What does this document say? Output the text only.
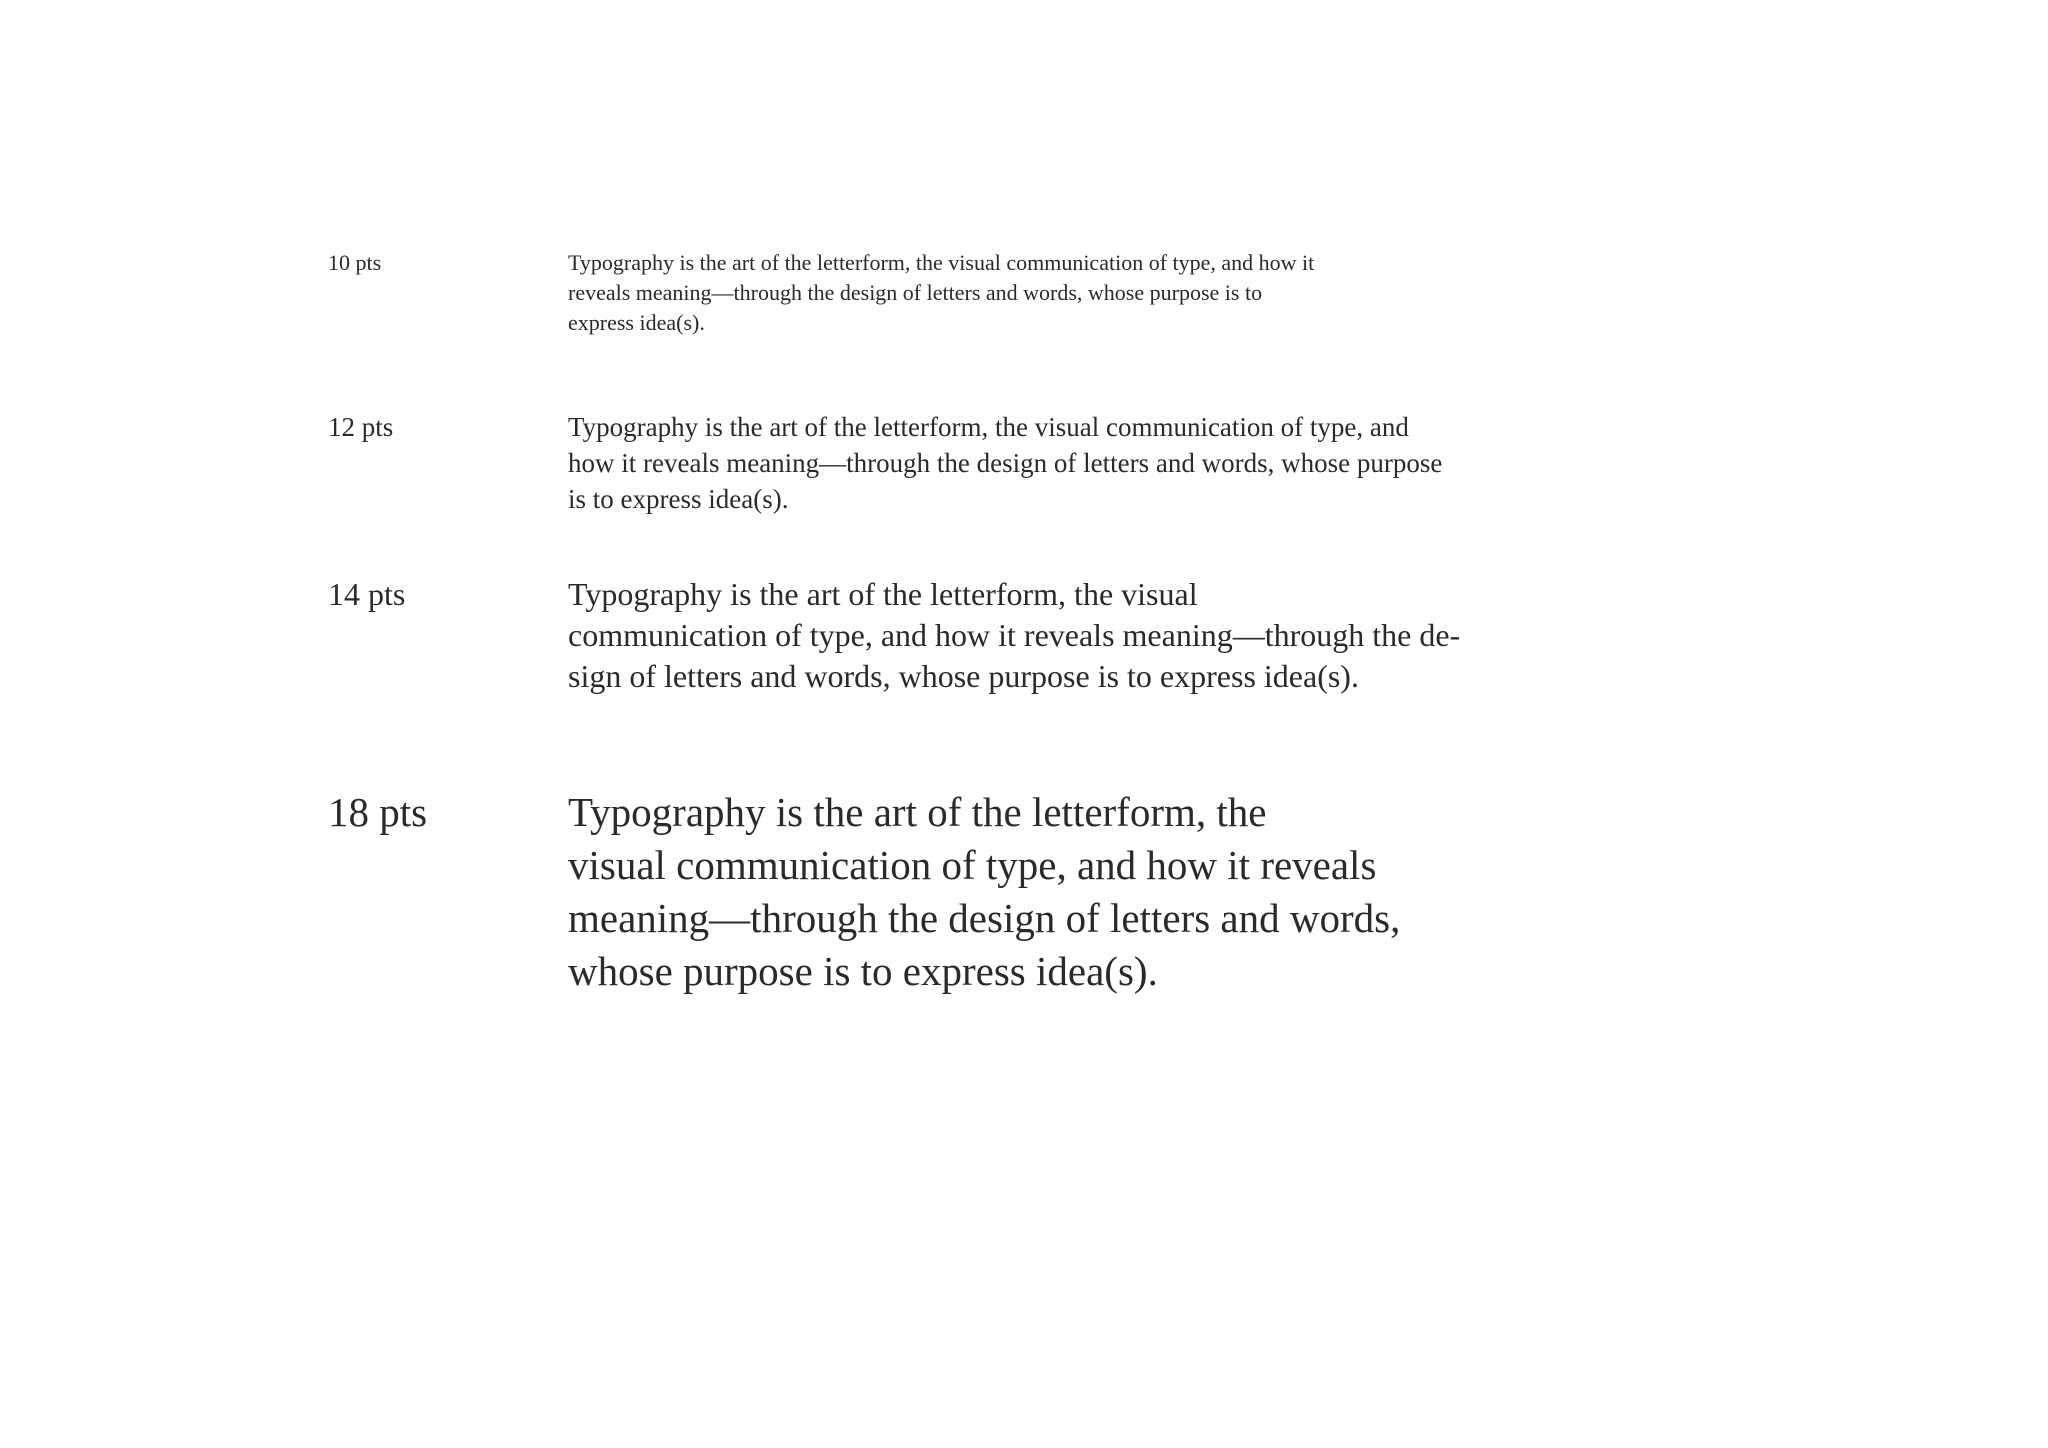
10 pts	Typography is the art of the letterform, the visual communication of type, and how it
reveals meaning—through the design of letters and words, whose purpose is to
express idea(s).

12 pts	Typography is the art of the letterform, the visual communication of type, and
how it reveals meaning—through the design of letters and words, whose purpose
is to express idea(s).

14 pts	Typography is the art of the letterform, the visual
communication of type, and how it reveals meaning—through the de-
sign of letters and words, whose purpose is to express idea(s).

18 pts	Typography is the art of the letterform, the
visual communication of type, and how it reveals
meaning—through the design of letters and words,
whose purpose is to express idea(s).
